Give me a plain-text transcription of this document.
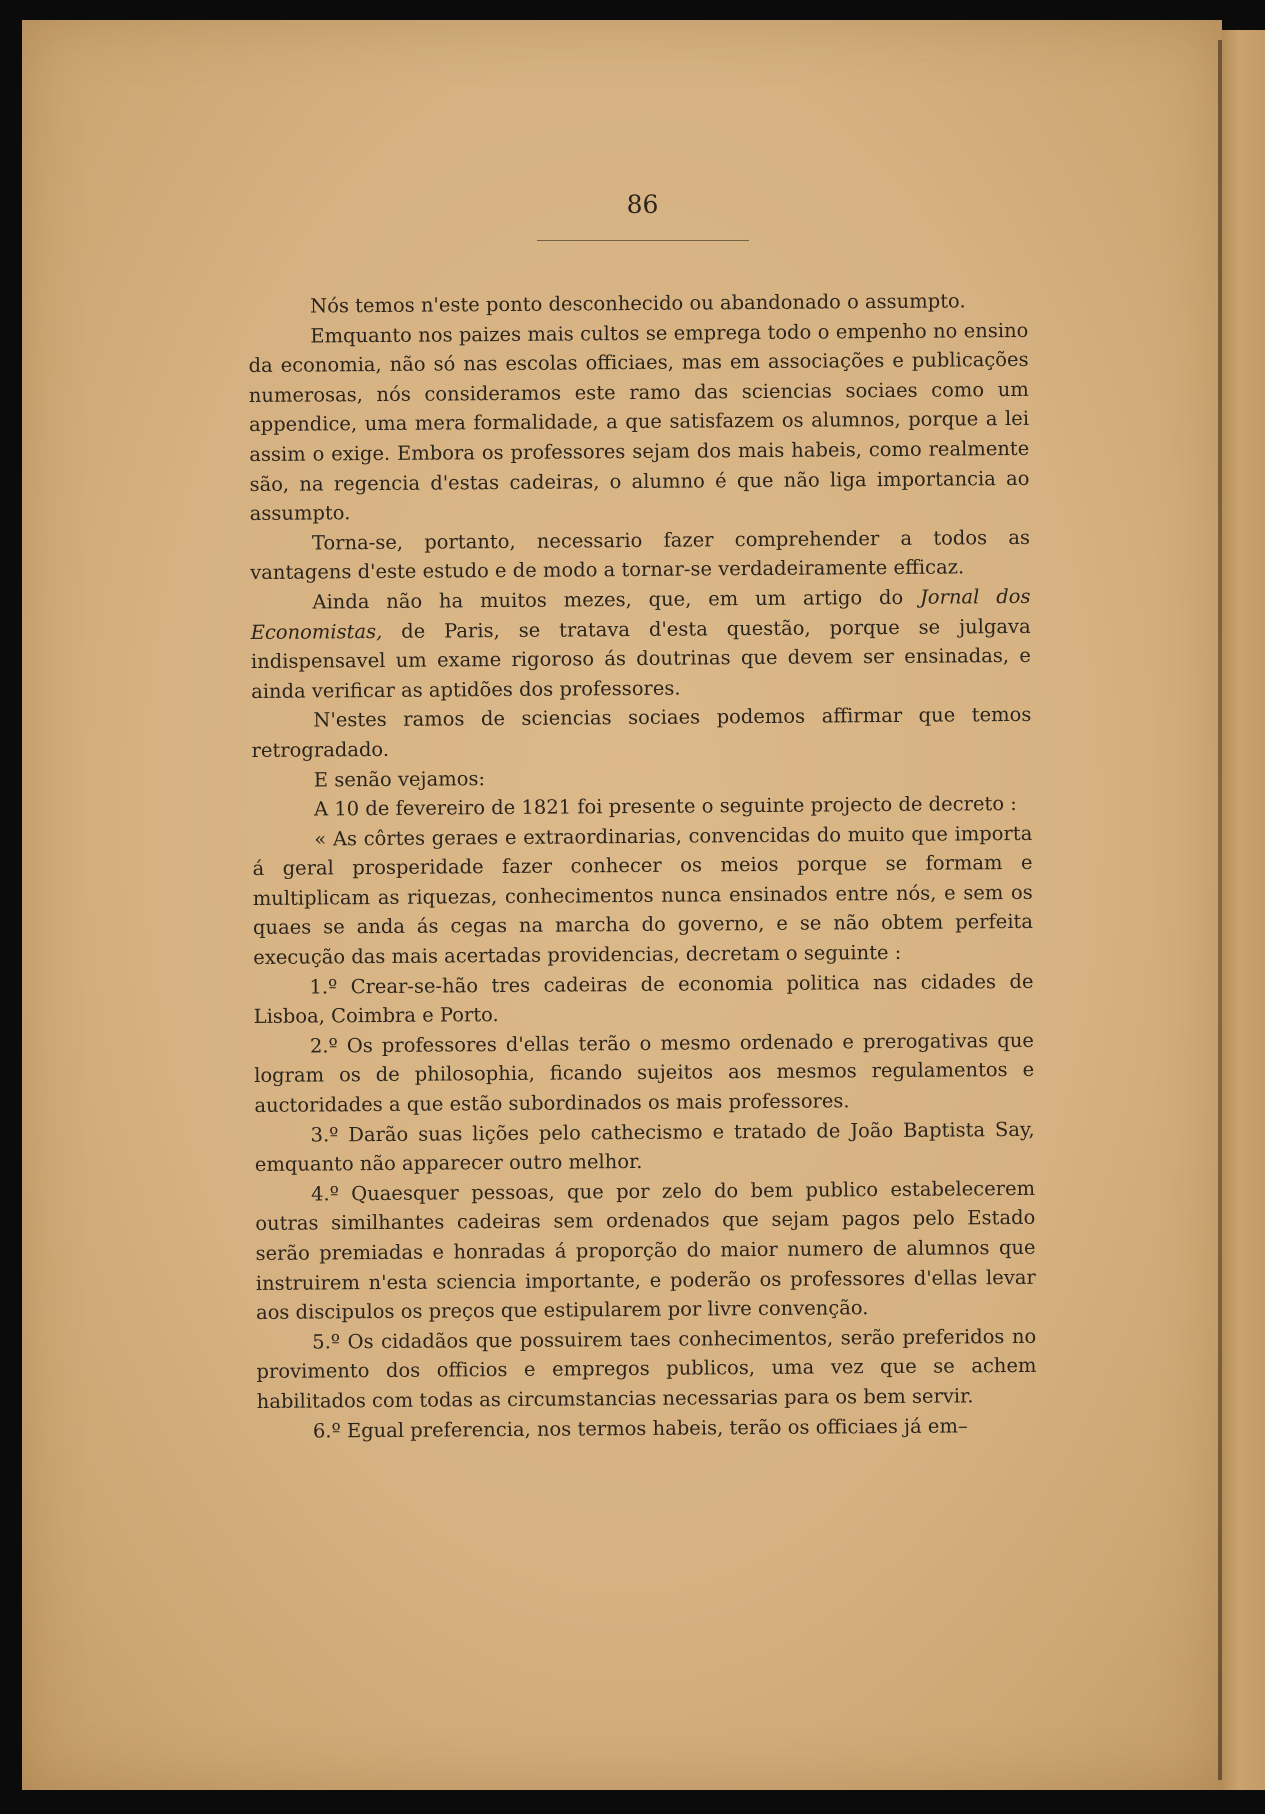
86

Nós temos n'este ponto desconhecido ou abandonado o assumpto.

Emquanto nos paizes mais cultos se emprega todo o empenho no ensino da economia, não só nas escolas officiaes, mas em associações e publicações numerosas, nós consideramos este ramo das sciencias sociaes como um appendice, uma mera formalidade, a que satisfazem os alumnos, porque a lei assim o exige. Embora os professores sejam dos mais habeis, como realmente são, na regencia d'estas cadeiras, o alumno é que não liga importancia ao assumpto.

Torna-se, portanto, necessario fazer comprehender a todos as vantagens d'este estudo e de modo a tornar-se verdadeiramente efficaz.

Ainda não ha muitos mezes, que, em um artigo do Jornal dos Economistas, de Paris, se tratava d'esta questão, porque se julgava indispensavel um exame rigoroso ás doutrinas que devem ser ensinadas, e ainda verificar as aptidões dos professores.

N'estes ramos de sciencias sociaes podemos affirmar que temos retrogradado.

E senão vejamos:

A 10 de fevereiro de 1821 foi presente o seguinte projecto de decreto :

« As côrtes geraes e extraordinarias, convencidas do muito que importa á geral prosperidade fazer conhecer os meios porque se formam e multiplicam as riquezas, conhecimentos nunca ensinados entre nós, e sem os quaes se anda ás cegas na marcha do governo, e se não obtem perfeita execução das mais acertadas providencias, decretam o seguinte :

1.º Crear-se-hão tres cadeiras de economia politica nas cidades de Lisboa, Coimbra e Porto.

2.º Os professores d'ellas terão o mesmo ordenado e prerogativas que logram os de philosophia, ficando sujeitos aos mesmos regulamentos e auctoridades a que estão subordinados os mais professores.

3.º Darão suas lições pelo cathecismo e tratado de João Baptista Say, emquanto não apparecer outro melhor.

4.º Quaesquer pessoas, que por zelo do bem publico estabelecerem outras similhantes cadeiras sem ordenados que sejam pagos pelo Estado serão premiadas e honradas á proporção do maior numero de alumnos que instruirem n'esta sciencia importante, e poderão os professores d'ellas levar aos discipulos os preços que estipularem por livre convenção.

5.º Os cidadãos que possuirem taes conhecimentos, serão preferidos no provimento dos officios e empregos publicos, uma vez que se achem habilitados com todas as circumstancias necessarias para os bem servir.

6.º Egual preferencia, nos termos habeis, terão os officiaes já em–
